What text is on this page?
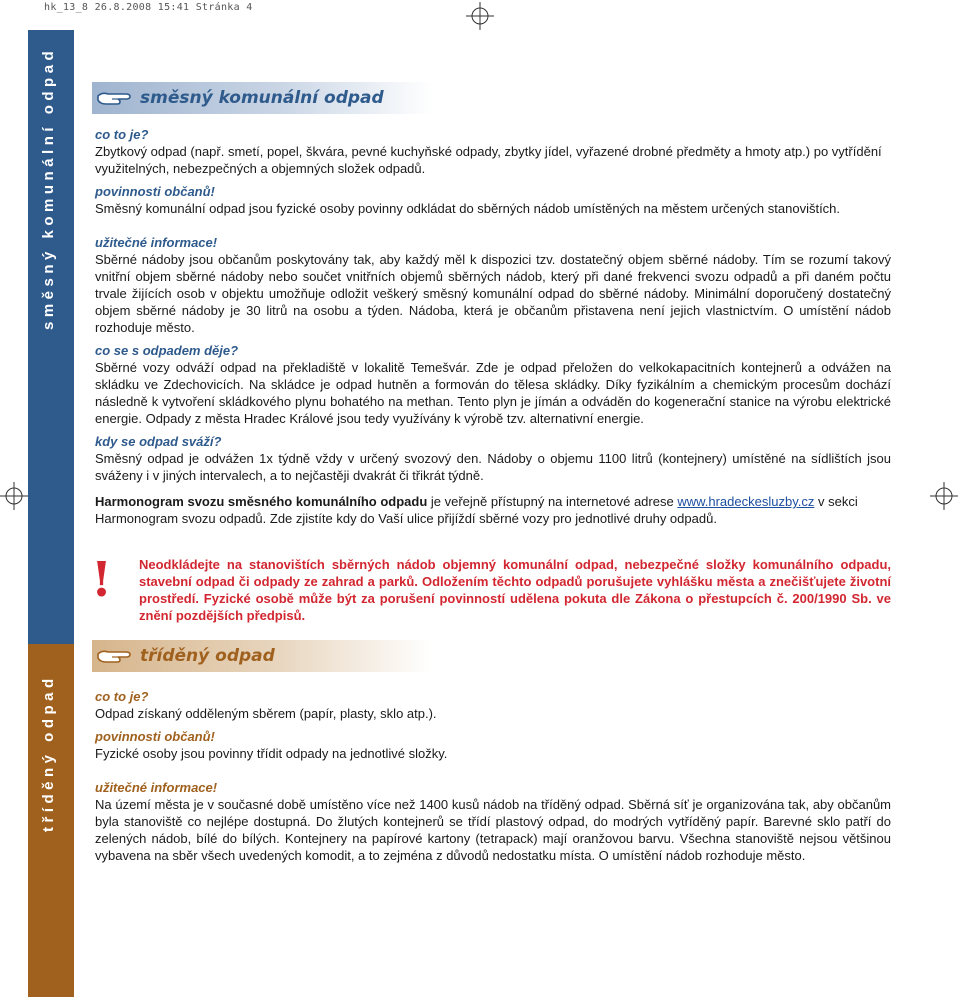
hk_13_8 26.8.2008 15:41 Stránka 4
směsný komunální odpad
tříděný odpad
směsný komunální odpad
co to je?

Zbytkový odpad (např. smetí, popel, škvára, pevné kuchyňské odpady, zbytky jídel, vyřazené drobné předměty a hmoty atp.) po vytřídění využitelných, nebezpečných a objemných složek odpadů.

povinnosti občanů!

Směsný komunální odpad jsou fyzické osoby povinny odkládat do sběrných nádob umístěných na městem určených stanovištích.

užitečné informace!

Sběrné nádoby jsou občanům poskytovány tak, aby každý měl k dispozici tzv. dostatečný objem sběrné nádoby. Tím se rozumí takový vnitřní objem sběrné nádoby nebo součet vnitřních objemů sběrných nádob, který při dané frekvenci svozu odpadů a při daném počtu trvale žijících osob v objektu umožňuje odložit veškerý směsný komunální odpad do sběrné nádoby. Minimální doporučený dostatečný objem sběrné nádoby je 30 litrů na osobu a týden. Nádoba, která je občanům přistavena není jejich vlastnictvím. O umístění nádob rozhoduje město.

co se s odpadem děje?

Sběrné vozy odváží odpad na překladiště v lokalitě Temešvár. Zde je odpad přeložen do velkokapacitních kontejnerů a odvážen na skládku ve Zdechovicích. Na skládce je odpad hutněn a formován do tělesa skládky. Díky fyzikálním a chemickým procesům dochází následně k vytvoření skládkového plynu bohatého na methan. Tento plyn je jímán a odváděn do kogenerační stanice na výrobu elektrické energie. Odpady z města Hradec Králové jsou tedy využívány k výrobě tzv. alternativní energie.

kdy se odpad sváží?

Směsný odpad je odvážen 1x týdně vždy v určený svozový den. Nádoby o objemu 1100 litrů (kontejnery) umístěné na sídlištích jsou sváženy i v jiných intervalech, a to nejčastěji dvakrát či třikrát týdně.

Harmonogram svozu směsného komunálního odpadu je veřejně přístupný na internetové adrese www.hradeckesluzby.cz v sekci Harmonogram svozu odpadů. Zde zjistíte kdy do Vaší ulice přijíždí sběrné vozy pro jednotlivé druhy odpadů.

! Neodkládejte na stanovištích sběrných nádob objemný komunální odpad, nebezpečné složky komunálního odpadu, stavební odpad či odpady ze zahrad a parků. Odložením těchto odpadů porušujete vyhlášku města a znečišťujete životní prostředí. Fyzické osobě může být za porušení povinností udělena pokuta dle Zákona o přestupcích č. 200/1990 Sb. ve znění pozdějších předpisů.
tříděný odpad
co to je?

Odpad získaný odděleným sběrem (papír, plasty, sklo atp.).

povinnosti občanů!

Fyzické osoby jsou povinny třídit odpady na jednotlivé složky.

užitečné informace!

Na území města je v současné době umístěno více než 1400 kusů nádob na tříděný odpad. Sběrná síť je organizována tak, aby občanům byla stanoviště co nejlépe dostupná. Do žlutých kontejnerů se třídí plastový odpad, do modrých vytříděný papír. Barevné sklo patří do zelených nádob, bílé do bílých. Kontejnery na papírové kartony (tetrapack) mají oranžovou barvu. Všechna stanoviště nejsou většinou vybavena na sběr všech uvedených komodit, a to zejména z důvodů nedostatku místa. O umístění nádob rozhoduje město.
